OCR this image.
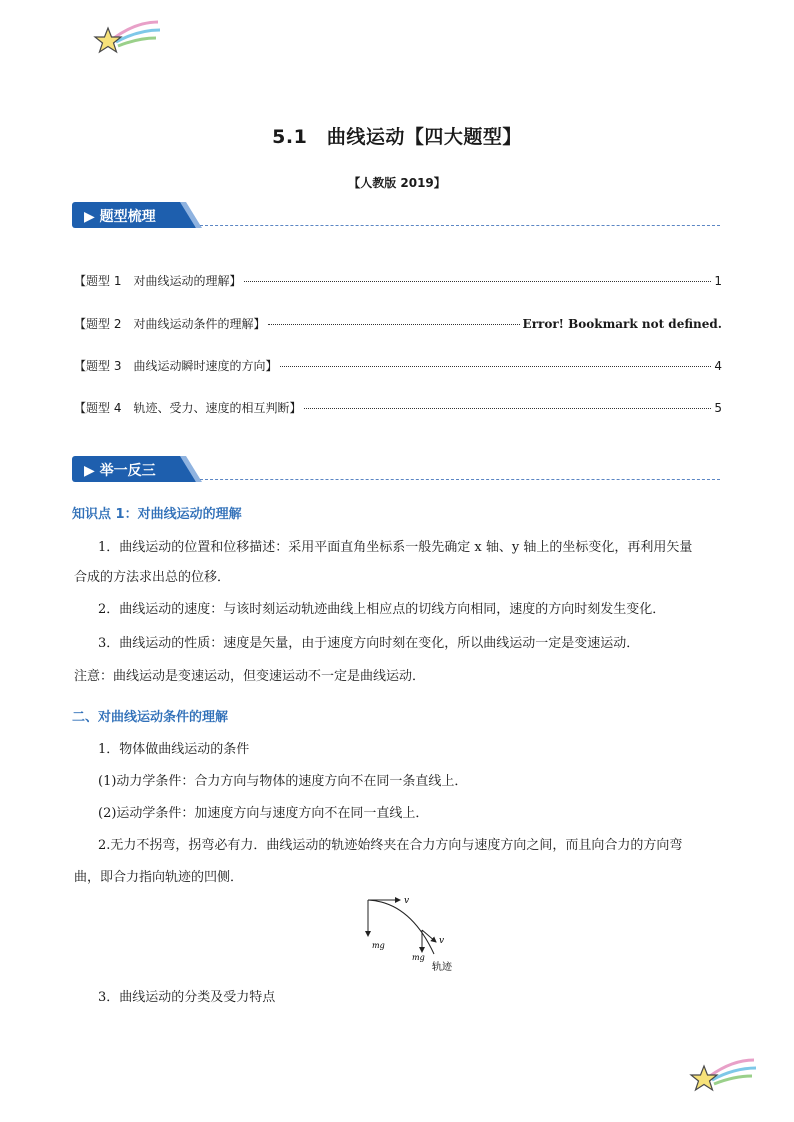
5.1　曲线运动【四大题型】
【人教版 2019】
▶ 题型梳理
【题型 1　对曲线运动的理解】	1
【题型 2　对曲线运动条件的理解】	Error! Bookmark not defined.
【题型 3　曲线运动瞬时速度的方向】	4
【题型 4　轨迹、受力、速度的相互判断】	5
▶ 举一反三
知识点 1：对曲线运动的理解
1．曲线运动的位置和位移描述：采用平面直角坐标系一般先确定 x 轴、y 轴上的坐标变化，再利用矢量
合成的方法求出总的位移．
2．曲线运动的速度：与该时刻运动轨迹曲线上相应点的切线方向相同，速度的方向时刻发生变化．
3．曲线运动的性质：速度是矢量，由于速度方向时刻在变化，所以曲线运动一定是变速运动．
注意：曲线运动是变速运动，但变速运动不一定是曲线运动．
二、对曲线运动条件的理解
1．物体做曲线运动的条件
(1)动力学条件：合力方向与物体的速度方向不在同一条直线上．
(2)运动学条件：加速度方向与速度方向不在同一直线上．
2.无力不拐弯，拐弯必有力．曲线运动的轨迹始终夹在合力方向与速度方向之间，而且向合力的方向弯
曲，即合力指向轨迹的凹侧．
v
mg	v
mg
轨迹
3．曲线运动的分类及受力特点
